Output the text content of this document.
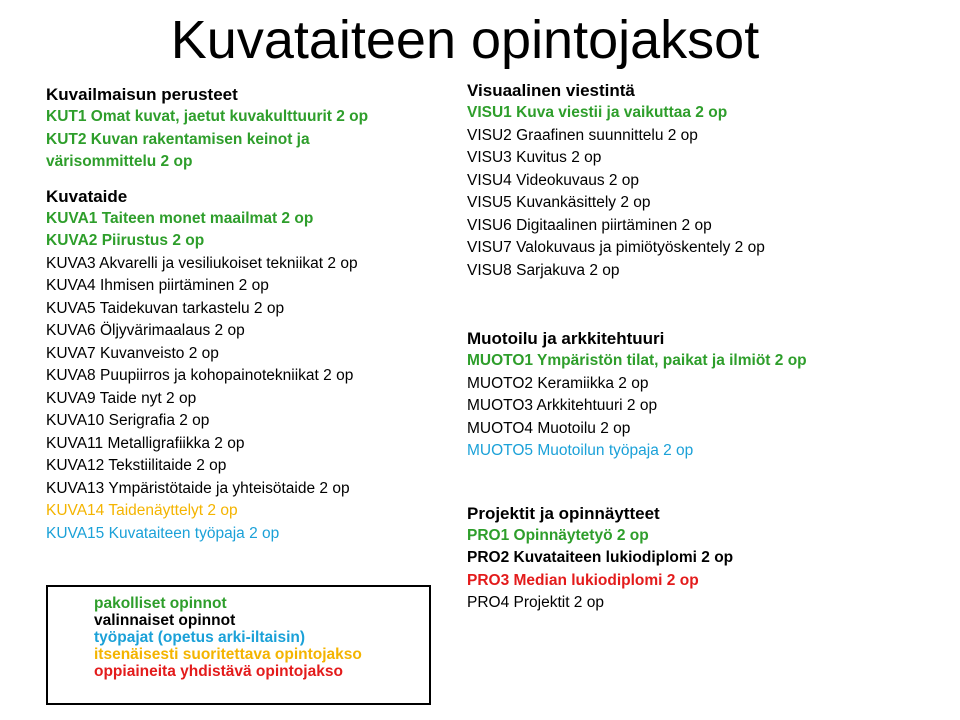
Kuvataiteen opintojaksot
Kuvailmaisun perusteet
KUT1 Omat kuvat, jaetut kuvakulttuurit 2 op
KUT2 Kuvan rakentamisen keinot ja värisommittelu 2 op
Kuvataide
KUVA1 Taiteen monet maailmat 2 op
KUVA2 Piirustus 2 op
KUVA3 Akvarelli ja vesiliukoiset tekniikat 2 op
KUVA4 Ihmisen piirtäminen 2 op
KUVA5 Taidekuvan tarkastelu 2 op
KUVA6 Öljyvärimaalaus 2 op
KUVA7 Kuvanveisto 2 op
KUVA8 Puupiirros ja kohopainotekniikat 2 op
KUVA9 Taide nyt 2 op
KUVA10 Serigrafia 2 op
KUVA11 Metalligrafiikka 2 op
KUVA12 Tekstiilitaide 2 op
KUVA13 Ympäristötaide ja yhteisötaide 2 op
KUVA14 Taidenäyttelyt 2 op
KUVA15 Kuvataiteen työpaja 2 op
Visuaalinen viestintä
VISU1 Kuva viestii ja vaikuttaa 2 op
VISU2 Graafinen suunnittelu 2 op
VISU3 Kuvitus 2 op
VISU4 Videokuvaus 2 op
VISU5 Kuvankäsittely 2 op
VISU6 Digitaalinen piirtäminen 2 op
VISU7 Valokuvaus ja pimiötyöskentely 2 op
VISU8 Sarjakuva 2 op
Muotoilu ja arkkitehtuuri
MUOTO1 Ympäristön tilat, paikat ja ilmiöt 2 op
MUOTO2 Keramiikka 2 op
MUOTO3 Arkkitehtuuri 2 op
MUOTO4 Muotoilu 2 op
MUOTO5 Muotoilun työpaja 2 op
Projektit ja opinnäytteet
PRO1 Opinnäytetyö 2 op
PRO2 Kuvataiteen lukiodiplomi 2 op
PRO3 Median lukiodiplomi 2 op
PRO4 Projektit 2 op
pakolliset opinnot
valinnaiset opinnot
työpajat (opetus arki-iltaisin)
itsenäisesti suoritettava opintojakso
oppiaineita yhdistävä opintojakso
